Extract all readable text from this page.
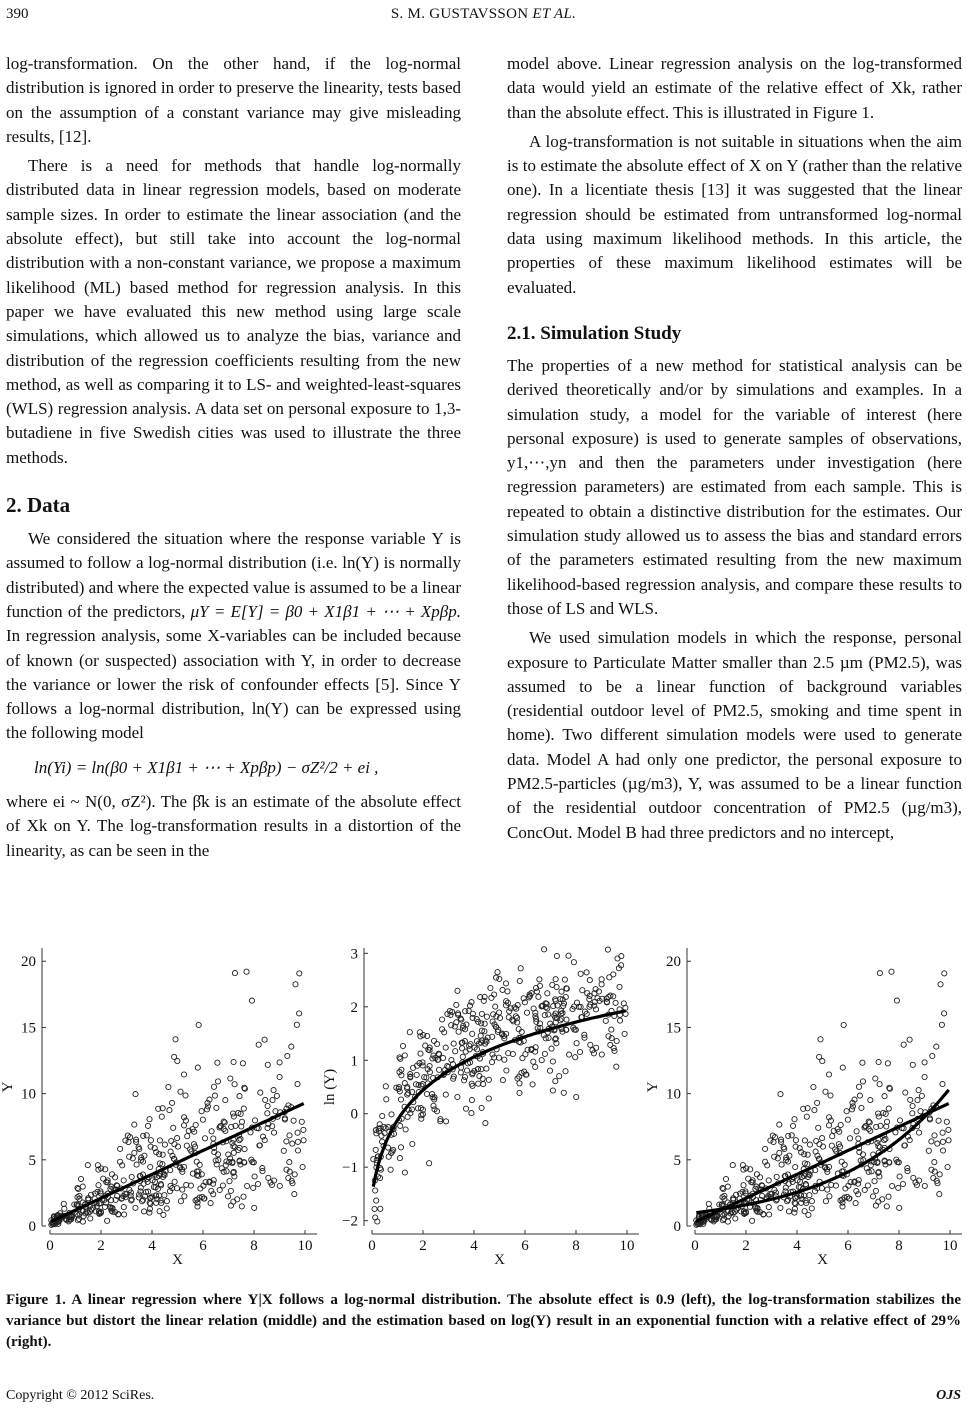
390	S. M. GUSTAVSSON ET AL.

log-transformation. On the other hand, if the log-normal distribution is ignored in order to preserve the linearity, tests based on the assumption of a constant variance may give misleading results, [12].

There is a need for methods that handle log-normally distributed data in linear regression models, based on moderate sample sizes. In order to estimate the linear association (and the absolute effect), but still take into account the log-normal distribution with a non-constant variance, we propose a maximum likelihood (ML) based method for regression analysis. In this paper we have evaluated this new method using large scale simulations, which allowed us to analyze the bias, variance and distribution of the regression coefficients resulting from the new method, as well as comparing it to LS- and weighted-least-squares (WLS) regression analysis. A data set on personal exposure to 1,3-butadiene in five Swedish cities was used to illustrate the three methods.

2. Data

We considered the situation where the response variable Y is assumed to follow a log-normal distribution (i.e. ln(Y) is normally distributed) and where the expected value is assumed to be a linear function of the predictors, μY = E[Y] = β0 + X1β1 + ⋯ + Xpβp. In regression analysis, some X-variables can be included because of known (or suspected) association with Y, in order to decrease the variance or lower the risk of confounder effects [5]. Since Y follows a log-normal distribution, ln(Y) can be expressed using the following model

ln(Yi) = ln(β0 + X1β1 + ⋯ + Xpβp) − σZ²/2 + ei ,

where ei ~ N(0, σZ²). The β̂k is an estimate of the absolute effect of Xk on Y. The log-transformation results in a distortion of the linearity, as can be seen in the

model above. Linear regression analysis on the log-transformed data would yield an estimate of the relative effect of Xk, rather than the absolute effect. This is illustrated in Figure 1.

A log-transformation is not suitable in situations when the aim is to estimate the absolute effect of X on Y (rather than the relative one). In a licentiate thesis [13] it was suggested that the linear regression should be estimated from untransformed log-normal data using maximum likelihood methods. In this article, the properties of these maximum likelihood estimates will be evaluated.

2.1. Simulation Study

The properties of a new method for statistical analysis can be derived theoretically and/or by simulations and examples. In a simulation study, a model for the variable of interest (here personal exposure) is used to generate samples of observations, y1,⋯,yn and then the parameters under investigation (here regression parameters) are estimated from each sample. This is repeated to obtain a distinctive distribution for the estimates. Our simulation study allowed us to assess the bias and standard errors of the parameters estimated resulting from the new maximum likelihood-based regression analysis, and compare these results to those of LS and WLS.

We used simulation models in which the response, personal exposure to Particulate Matter smaller than 2.5 µm (PM2.5), was assumed to be a linear function of background variables (residential outdoor level of PM2.5, smoking and time spent in home). Two different simulation models were used to generate data. Model A had only one predictor, the personal exposure to PM2.5-particles (µg/m3), Y, was assumed to be a linear function of the residential outdoor concentration of PM2.5 (µg/m3), ConcOut. Model B had three predictors and no intercept,

0	2	4	6	8	10
0
5
10
15
20
X
Y
0	2	4	6	8	10
−2
−1
0
1
2
3
X
ln (Y)
0	2	4	6	8	10
0
5
10
15
20
X
Y
Figure 1. A linear regression where Y|X follows a log-normal distribution. The absolute effect is 0.9 (left), the log-transformation stabilizes the variance but distort the linear relation (middle) and the estimation based on log(Y) result in an exponential function with a relative effect of 29% (right).
Copyright © 2012 SciRes.	OJS
